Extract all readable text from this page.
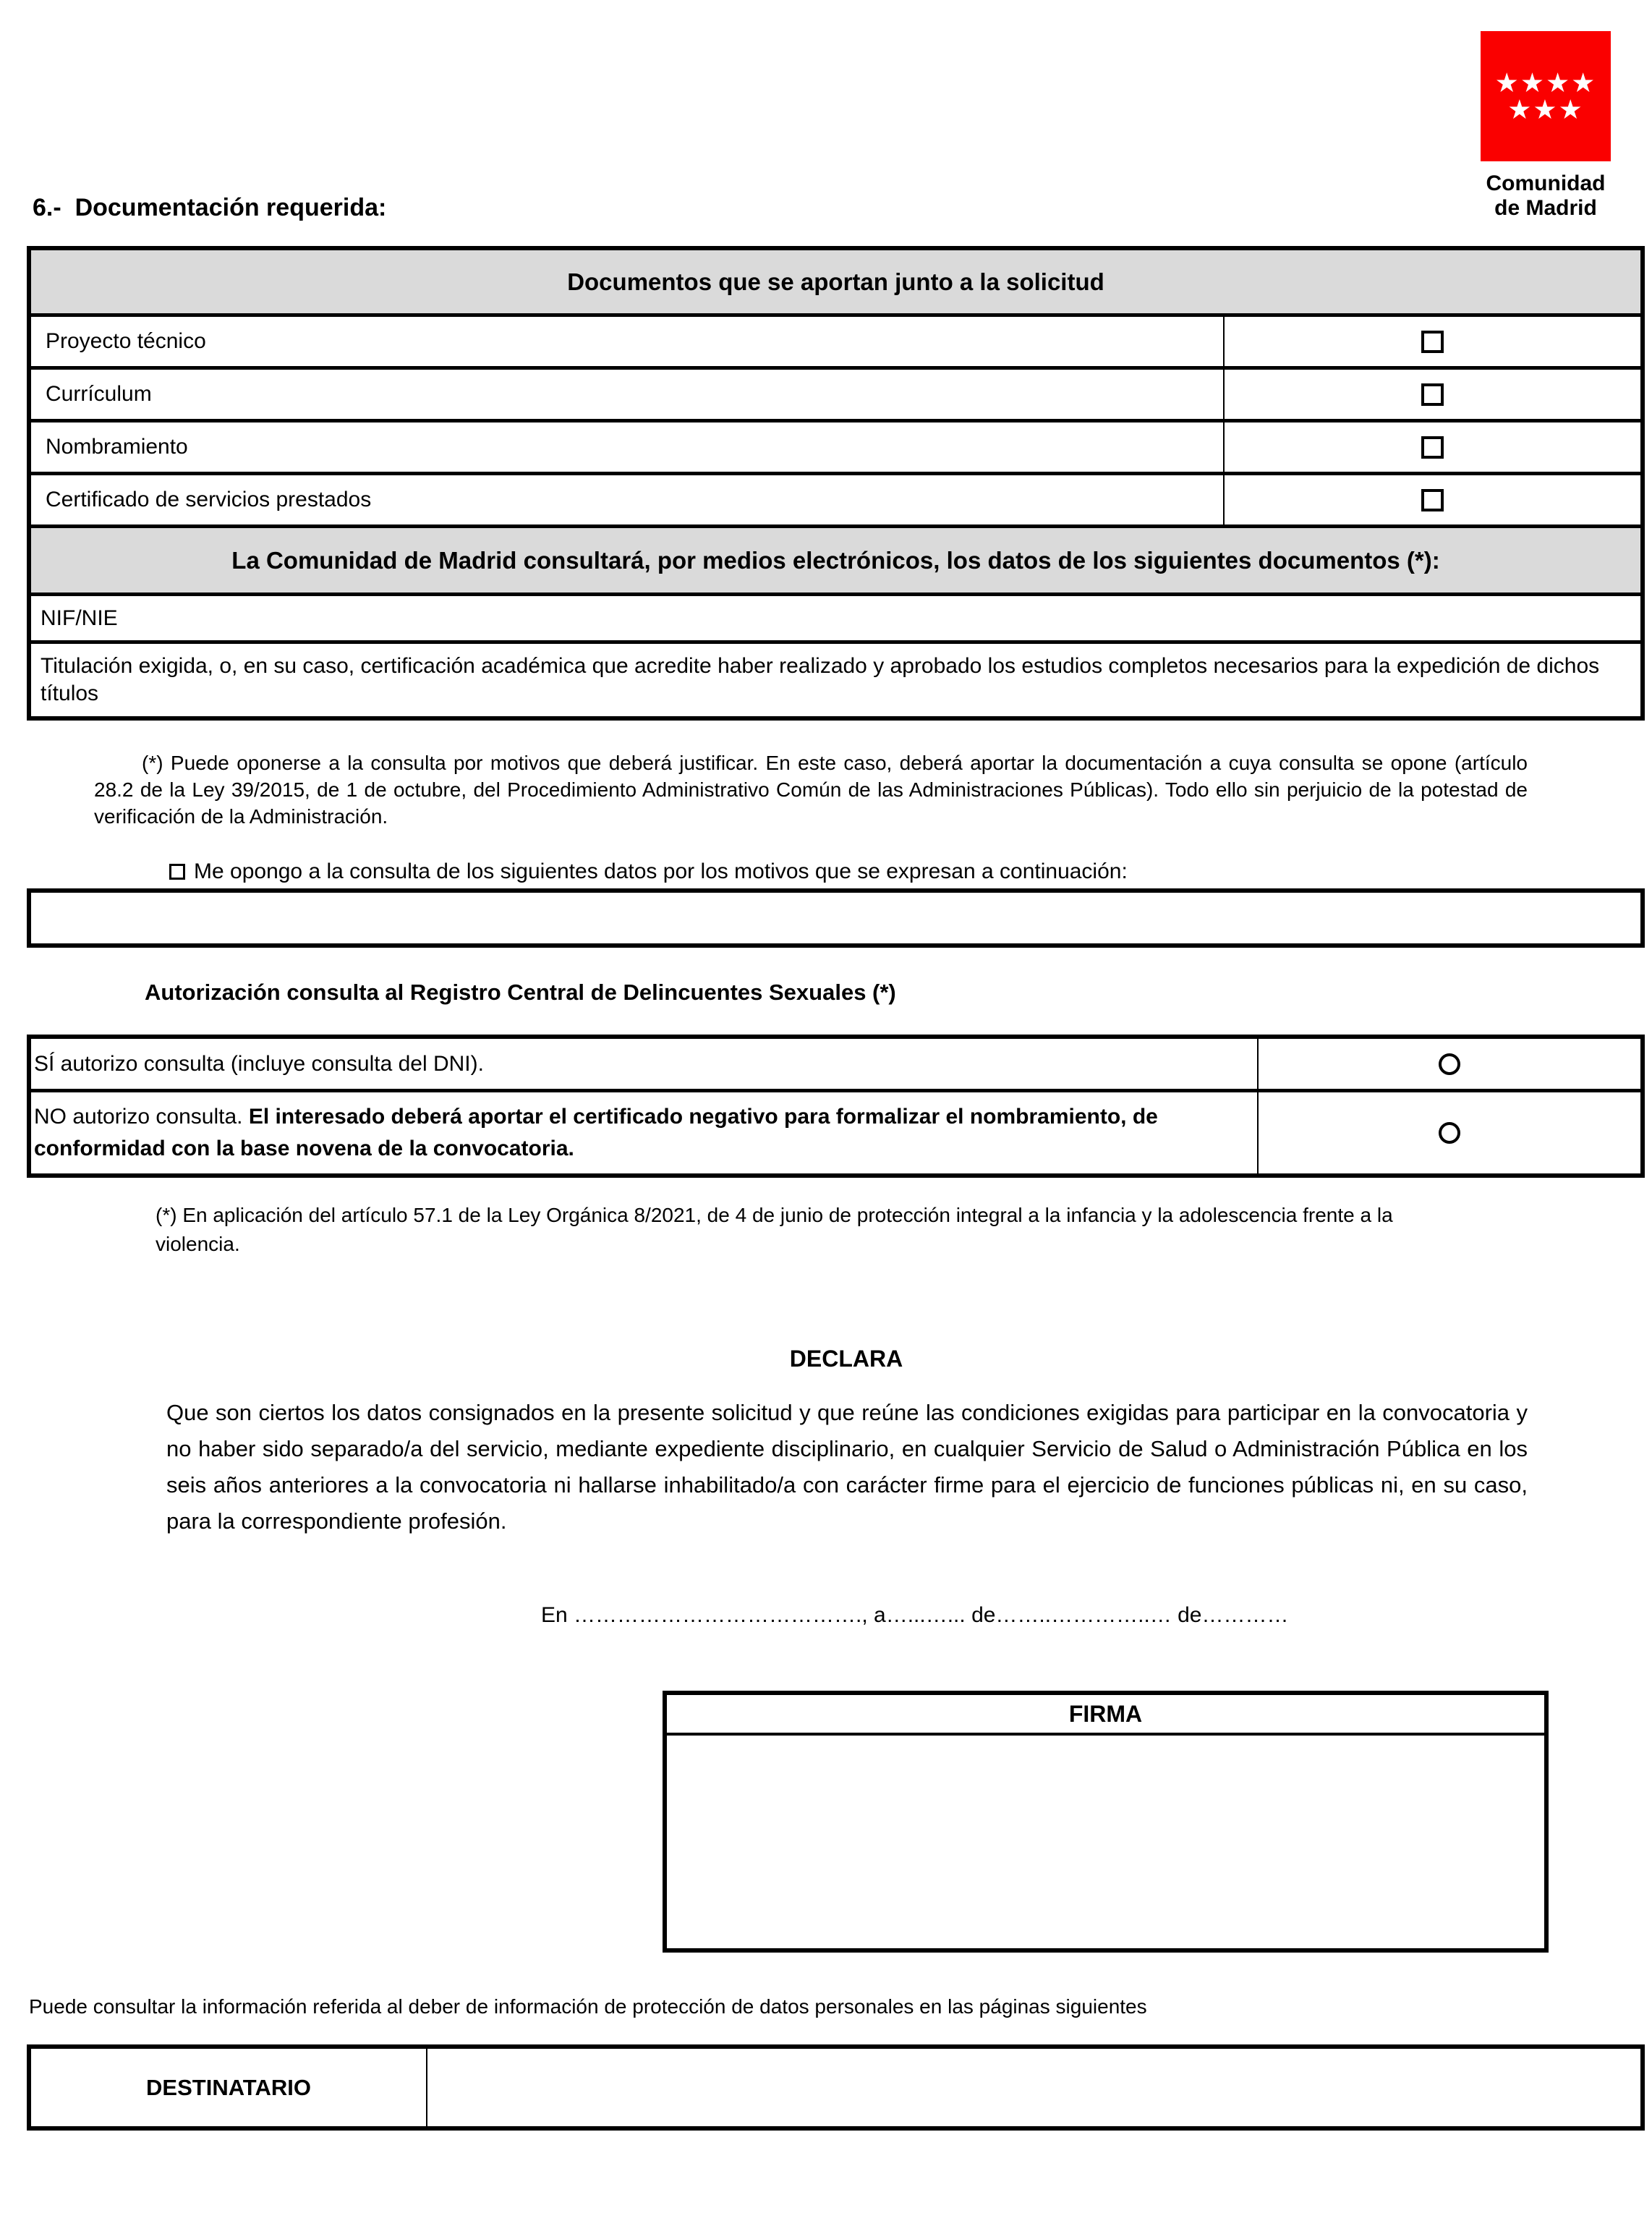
★★★★
★★★
Comunidad
de Madrid
6.-  Documentación requerida:
Documentos que se aportan junto a la solicitud
Proyecto técnico
Currículum
Nombramiento
Certificado de servicios prestados
La Comunidad de Madrid consultará, por medios electrónicos, los datos de los siguientes documentos (*):
NIF/NIE
Titulación exigida, o, en su caso, certificación académica que acredite haber realizado y aprobado los estudios completos necesarios para la expedición de dichos títulos
(*) Puede oponerse a la consulta por motivos que deberá justificar. En este caso, deberá aportar la documentación a cuya consulta se opone (artículo 28.2 de la Ley 39/2015, de 1 de octubre, del Procedimiento Administrativo Común de las Administraciones Públicas). Todo ello sin perjuicio de la potestad de verificación de la Administración.
Me opongo a la consulta de los siguientes datos por los motivos que se expresan a continuación:
Autorización consulta al Registro Central de Delincuentes Sexuales (*)
SÍ autorizo consulta (incluye consulta del DNI).
NO autorizo consulta. El interesado deberá aportar el certificado negativo para formalizar el nombramiento, de conformidad con la base novena de la convocatoria.
(*) En aplicación del artículo 57.1 de la Ley Orgánica 8/2021, de 4 de junio de protección integral a la infancia y la adolescencia frente a la violencia.
DECLARA
Que son ciertos los datos consignados en la presente solicitud y que reúne las condiciones exigidas para participar en la convocatoria y no haber sido separado/a del servicio, mediante expediente disciplinario, en cualquier Servicio de Salud o Administración Pública en los seis años anteriores a la convocatoria ni hallarse inhabilitado/a con carácter firme para el ejercicio de funciones públicas ni, en su caso, para la correspondiente profesión.
En …………………………………., a…...…... de……..…………..… de…………
FIRMA
Puede consultar la información referida al deber de información de protección de datos personales en las páginas siguientes
DESTINATARIO
